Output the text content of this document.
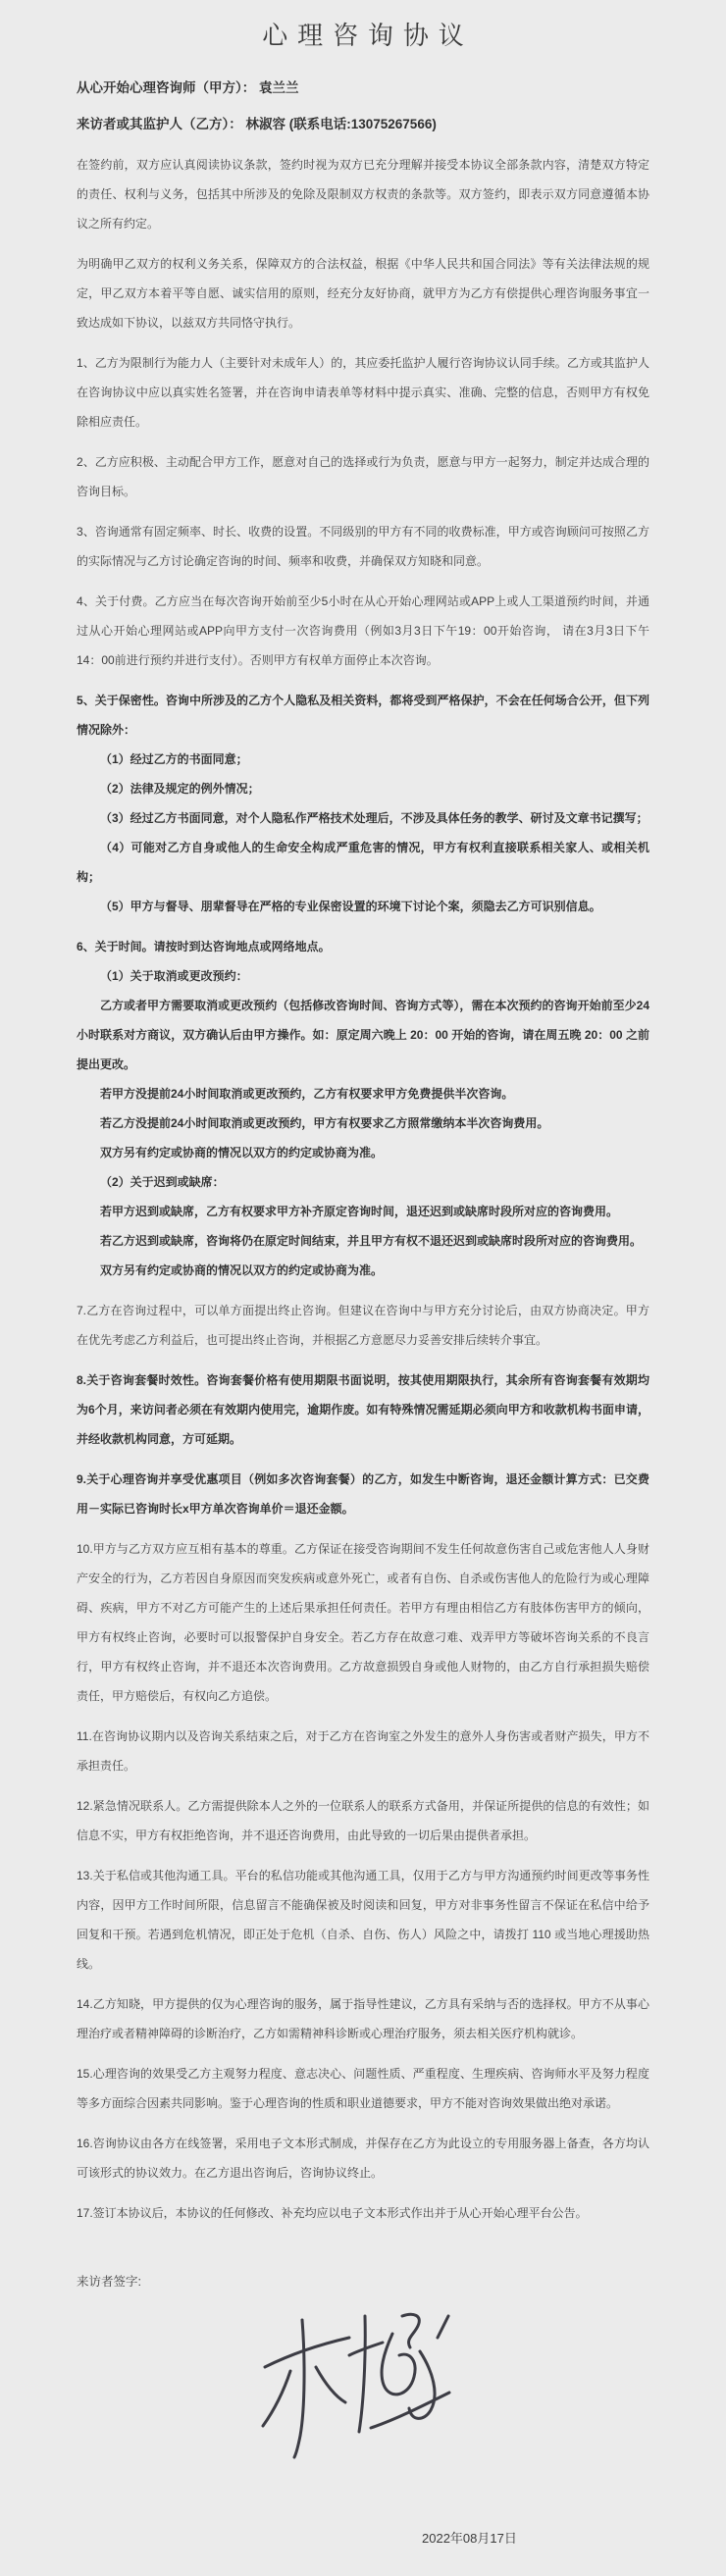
心理咨询协议
从心开始心理咨询师（甲方）： 袁兰兰
来访者或其监护人（乙方）： 林淑容 (联系电话:13075267566)
在签约前，双方应认真阅读协议条款，签约时视为双方已充分理解并接受本协议全部条款内容，清楚双方特定的责任、权利与义务，包括其中所涉及的免除及限制双方权责的条款等。双方签约，即表示双方同意遵循本协议之所有约定。
为明确甲乙双方的权利义务关系，保障双方的合法权益，根据《中华人民共和国合同法》等有关法律法规的规定，甲乙双方本着平等自愿、诚实信用的原则，经充分友好协商，就甲方为乙方有偿提供心理咨询服务事宜一致达成如下协议，以兹双方共同恪守执行。
1、乙方为限制行为能力人（主要针对未成年人）的，其应委托监护人履行咨询协议认同手续。乙方或其监护人在咨询协议中应以真实姓名签署，并在咨询申请表单等材料中提示真实、准确、完整的信息，否则甲方有权免除相应责任。
2、乙方应积极、主动配合甲方工作，愿意对自己的选择或行为负责，愿意与甲方一起努力，制定并达成合理的咨询目标。
3、咨询通常有固定频率、时长、收费的设置。不同级别的甲方有不同的收费标准，甲方或咨询顾问可按照乙方的实际情况与乙方讨论确定咨询的时间、频率和收费，并确保双方知晓和同意。
4、关于付费。乙方应当在每次咨询开始前至少5小时在从心开始心理网站或APP上或人工渠道预约时间，并通过从心开始心理网站或APP向甲方支付一次咨询费用（例如3月3日下午19：00开始咨询， 请在3月3日下午14：00前进行预约并进行支付）。否则甲方有权单方面停止本次咨询。
5、关于保密性。咨询中所涉及的乙方个人隐私及相关资料，都将受到严格保护，不会在任何场合公开，但下列情况除外：
（1）经过乙方的书面同意；
（2）法律及规定的例外情况；
（3）经过乙方书面同意，对个人隐私作严格技术处理后，不涉及具体任务的教学、研讨及文章书记撰写；
（4）可能对乙方自身或他人的生命安全构成严重危害的情况，甲方有权利直接联系相关家人、或相关机构；
（5）甲方与督导、朋辈督导在严格的专业保密设置的环境下讨论个案，须隐去乙方可识别信息。
6、关于时间。请按时到达咨询地点或网络地点。
（1）关于取消或更改预约：
乙方或者甲方需要取消或更改预约（包括修改咨询时间、咨询方式等），需在本次预约的咨询开始前至少24小时联系对方商议，双方确认后由甲方操作。如：原定周六晚上 20：00 开始的咨询，请在周五晚 20：00 之前提出更改。
若甲方没提前24小时间取消或更改预约，乙方有权要求甲方免费提供半次咨询。
若乙方没提前24小时间取消或更改预约，甲方有权要求乙方照常缴纳本半次咨询费用。
双方另有约定或协商的情况以双方的约定或协商为准。
（2）关于迟到或缺席：
若甲方迟到或缺席，乙方有权要求甲方补齐原定咨询时间，退还迟到或缺席时段所对应的咨询费用。
若乙方迟到或缺席，咨询将仍在原定时间结束，并且甲方有权不退还迟到或缺席时段所对应的咨询费用。
双方另有约定或协商的情况以双方的约定或协商为准。
7.乙方在咨询过程中，可以单方面提出终止咨询。但建议在咨询中与甲方充分讨论后，由双方协商决定。甲方在优先考虑乙方利益后，也可提出终止咨询，并根据乙方意愿尽力妥善安排后续转介事宜。
8.关于咨询套餐时效性。咨询套餐价格有使用期限书面说明，按其使用期限执行，其余所有咨询套餐有效期均为6个月，来访问者必须在有效期内使用完，逾期作废。如有特殊情况需延期必须向甲方和收款机构书面申请，并经收款机构同意，方可延期。
9.关于心理咨询并享受优惠项目（例如多次咨询套餐）的乙方，如发生中断咨询，退还金额计算方式：已交费用－实际已咨询时长x甲方单次咨询单价＝退还金额。
10.甲方与乙方双方应互相有基本的尊重。乙方保证在接受咨询期间不发生任何故意伤害自己或危害他人人身财产安全的行为，乙方若因自身原因而突发疾病或意外死亡，或者有自伤、自杀或伤害他人的危险行为或心理障碍、疾病，甲方不对乙方可能产生的上述后果承担任何责任。若甲方有理由相信乙方有肢体伤害甲方的倾向，甲方有权终止咨询，必要时可以报警保护自身安全。若乙方存在故意刁难、戏弄甲方等破坏咨询关系的不良言行，甲方有权终止咨询，并不退还本次咨询费用。乙方故意损毁自身或他人财物的，由乙方自行承担损失赔偿责任，甲方赔偿后，有权向乙方追偿。
11.在咨询协议期内以及咨询关系结束之后，对于乙方在咨询室之外发生的意外人身伤害或者财产损失，甲方不承担责任。
12.紧急情况联系人。乙方需提供除本人之外的一位联系人的联系方式备用，并保证所提供的信息的有效性；如信息不实，甲方有权拒绝咨询，并不退还咨询费用，由此导致的一切后果由提供者承担。
13.关于私信或其他沟通工具。平台的私信功能或其他沟通工具，仅用于乙方与甲方沟通预约时间更改等事务性内容，因甲方工作时间所限，信息留言不能确保被及时阅读和回复，甲方对非事务性留言不保证在私信中给予回复和干预。若遇到危机情况，即正处于危机（自杀、自伤、伤人）风险之中，请拨打 110 或当地心理援助热线。
14.乙方知晓，甲方提供的仅为心理咨询的服务，属于指导性建议，乙方具有采纳与否的选择权。甲方不从事心理治疗或者精神障碍的诊断治疗，乙方如需精神科诊断或心理治疗服务，须去相关医疗机构就诊。
15.心理咨询的效果受乙方主观努力程度、意志决心、问题性质、严重程度、生理疾病、咨询师水平及努力程度等多方面综合因素共同影响。鉴于心理咨询的性质和职业道德要求，甲方不能对咨询效果做出绝对承诺。
16.咨询协议由各方在线签署，采用电子文本形式制成，并保存在乙方为此设立的专用服务器上备查，各方均认可该形式的协议效力。在乙方退出咨询后，咨询协议终止。
17.签订本协议后，本协议的任何修改、补充均应以电子文本形式作出并于从心开始心理平台公告。
来访者签字:
2022年08月17日
